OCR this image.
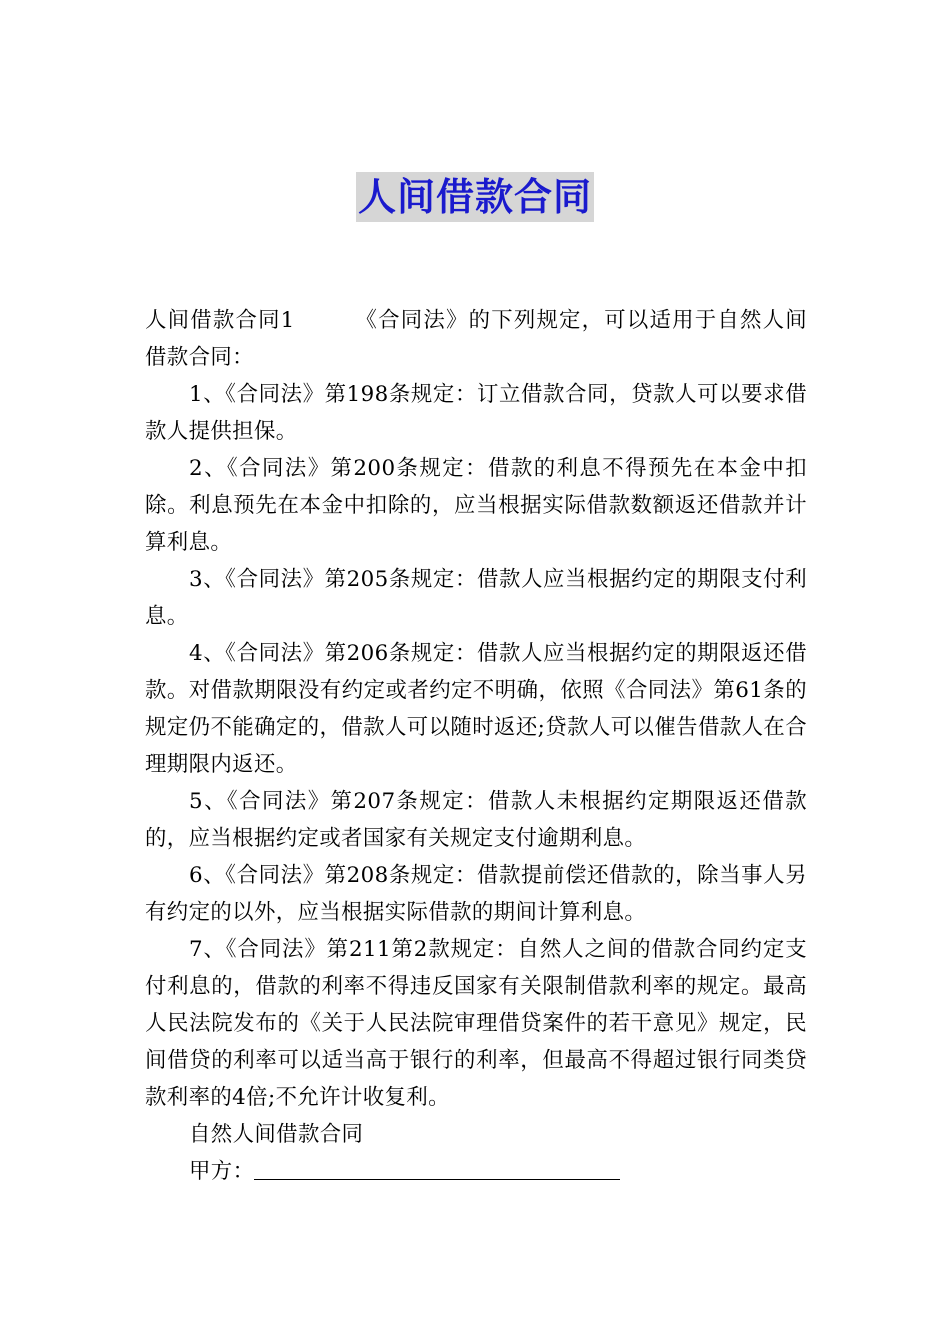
人间借款合同

人间借款合同1	《合同法》的下列规定，可以适用于自然人间借款合同：

1、《合同法》第198条规定：订立借款合同，贷款人可以要求借款人提供担保。

2、《合同法》第200条规定：借款的利息不得预先在本金中扣除。利息预先在本金中扣除的，应当根据实际借款数额返还借款并计算利息。

3、《合同法》第205条规定：借款人应当根据约定的期限支付利息。

4、《合同法》第206条规定：借款人应当根据约定的期限返还借款。对借款期限没有约定或者约定不明确，依照《合同法》第61条的规定仍不能确定的，借款人可以随时返还;贷款人可以催告借款人在合理期限内返还。

5、《合同法》第207条规定：借款人未根据约定期限返还借款的，应当根据约定或者国家有关规定支付逾期利息。

6、《合同法》第208条规定：借款提前偿还借款的，除当事人另有约定的以外，应当根据实际借款的期间计算利息。

7、《合同法》第211第2款规定：自然人之间的借款合同约定支付利息的，借款的利率不得违反国家有关限制借款利率的规定。最高人民法院发布的《关于人民法院审理借贷案件的若干意见》规定，民间借贷的利率可以适当高于银行的利率，但最高不得超过银行同类贷款利率的4倍;不允许计收复利。

自然人间借款合同

甲方：
